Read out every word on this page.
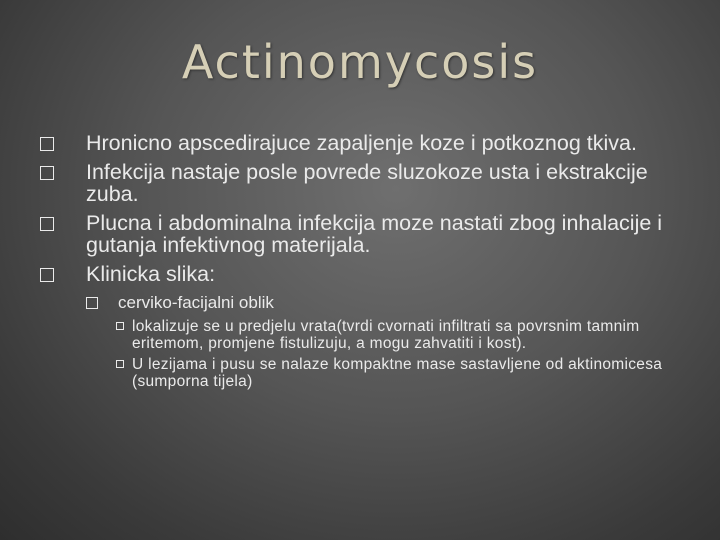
Actinomycosis
Hronicno apscedirajuce zapaljenje koze i potkoznog tkiva.
Infekcija nastaje posle povrede sluzokoze usta i ekstrakcije zuba.
Plucna i abdominalna infekcija moze nastati zbog inhalacije i gutanja infektivnog materijala.
Klinicka slika:
cerviko-facijalni oblik
lokalizuje se u predjelu vrata(tvrdi cvornati infiltrati sa povrsnim tamnim eritemom, promjene fistulizuju, a mogu zahvatiti i kost).
U lezijama i pusu se nalaze kompaktne mase sastavljene od aktinomicesa (sumporna tijela)
